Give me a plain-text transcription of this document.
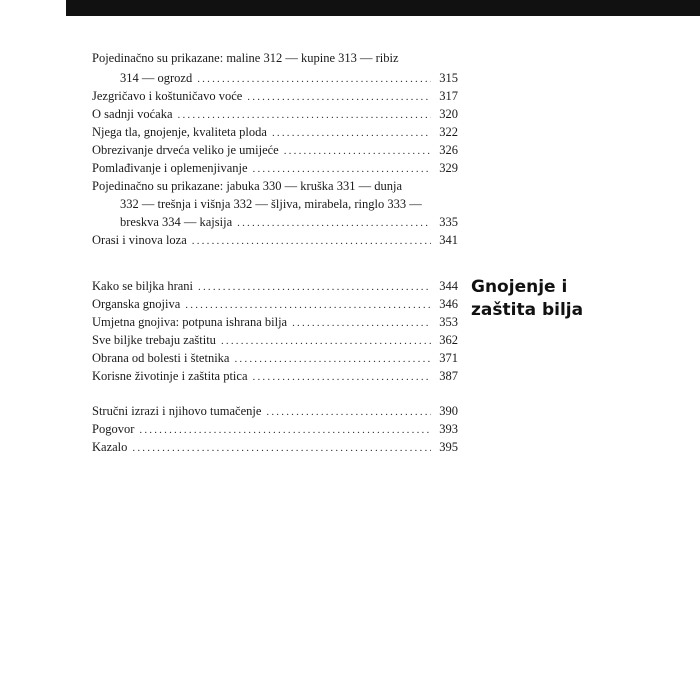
Pojedinačno su prikazane: maline 312 — kupine 313 — ribiz
314 — ogrozd .....	315
Jezgričavo i koštuničavo voće .....	317
O sadnji voćaka .....	320
Njega tla, gnojenje, kvaliteta ploda .....	322
Obrezivanje drveća veliko je umijeće .....	326
Pomlađivanje i oplemenjivanje .....	329
Pojedinačno su prikazane: jabuka 330 — kruška 331 — dunja
332 — trešnja i višnja 332 — šljiva, mirabela, ringlo 333 —
breskva 334 — kajsija .....	335
Orasi i vinova loza .....	341
Kako se biljka hrani .....	344
Organska gnojiva .....	346
Umjetna gnojiva: potpuna ishrana bilja .....	353
Sve biljke trebaju zaštitu .....	362
Obrana od bolesti i štetnika .....	371
Korisne životinje i zaštita ptica .....	387
Gnojenje i
zaštita bilja
Stručni izrazi i njihovo tumačenje .....	390
Pogovor .....	393
Kazalo .....	395
